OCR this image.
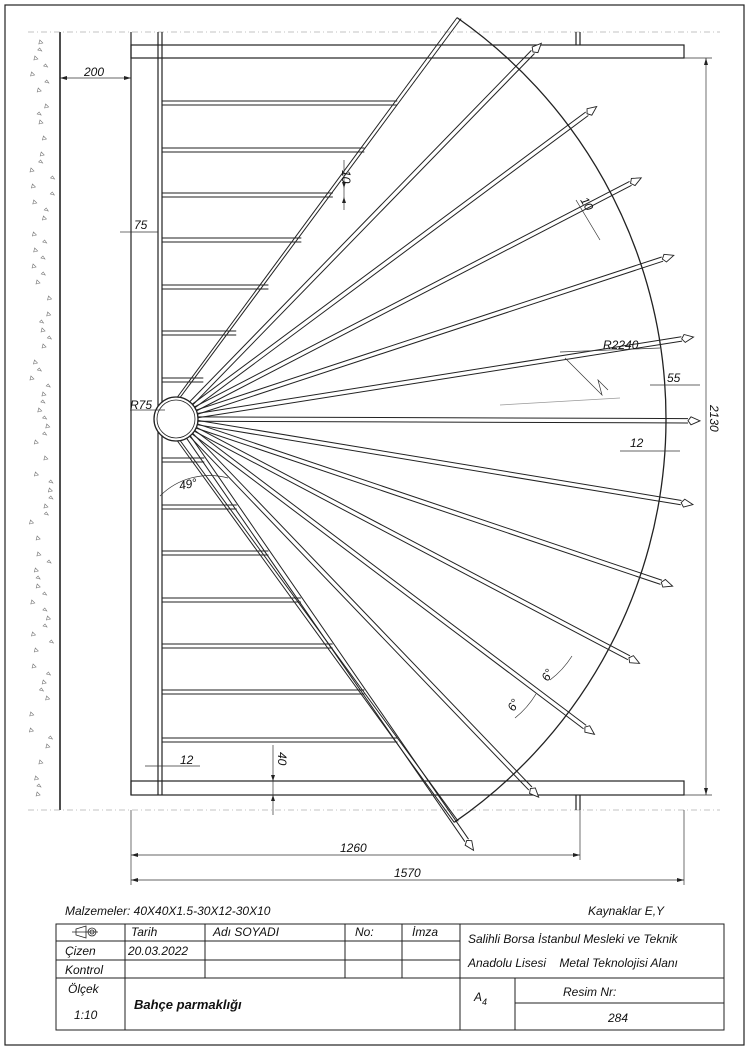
200
75
10
10
R2240
55
2130
12
R75
49°
6°
6°
12	40
1260
1570
Malzemeler: 40X40X1.5-30X12-30X10	Kaynaklar E,Y
Tarih	Adı SOYADI	No:	İmza
Çizen	20.03.2022
Kontrol
Ölçek
1:10
Bahçe parmaklığı
Salihli Borsa İstanbul Mesleki ve Teknik
Anadolu Lisesi    Metal Teknolojisi Alanı
$A_4$
Resim Nr:
284
